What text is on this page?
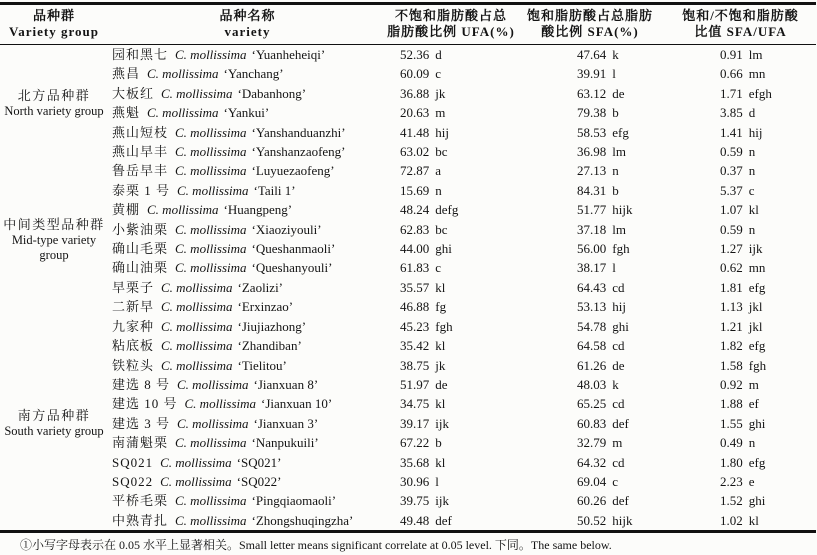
品种群
Variety group

品种名称
variety

不饱和脂肪酸占总
脂肪酸比例 UFA(%)

饱和脂肪酸占总脂肪
酸比例 SFA(%)

饱和/不饱和脂肪酸
比值 SFA/UFA

北方品种群
North variety group	园和黑七 C. mollissima ‘Yuanheheiqi’	52.36 d	47.64 k	0.91 lm
	燕昌 C. mollissima ‘Yanchang’	60.09 c	39.91 l	0.66 mn
	大板红 C. mollissima ‘Dabanhong’	36.88 jk	63.12 de	1.71 efgh
	燕魁 C. mollissima ‘Yankui’	20.63 m	79.38 b	3.85 d
	燕山短枝 C. mollissima ‘Yanshanduanzhi’	41.48 hij	58.53 efg	1.41 hij
	燕山早丰 C. mollissima ‘Yanshanzaofeng’	63.02 bc	36.98 lm	0.59 n

中间类型品种群
Mid-type variety group	鲁岳早丰 C. mollissima ‘Luyuezaofeng’	72.87 a	27.13 n	0.37 n
	泰栗 1 号 C. mollissima ‘Taili 1’	15.69 n	84.31 b	5.37 c
	黄棚 C. mollissima ‘Huangpeng’	48.24 defg	51.77 hijk	1.07 kl
	小紫油栗 C. mollissima ‘Xiaoziyouli’	62.83 bc	37.18 lm	0.59 n
	确山毛栗 C. mollissima ‘Queshanmaoli’	44.00 ghi	56.00 fgh	1.27 ijk
	确山油栗 C. mollissima ‘Queshanyouli’	61.83 c	38.17 l	0.62 mn
	早栗子 C. mollissima ‘Zaolizi’	35.57 kl	64.43 cd	1.81 efg
	二新早 C. mollissima ‘Erxinzao’	46.88 fg	53.13 hij	1.13 jkl

南方品种群
South variety group	九家种 C. mollissima ‘Jiujiazhong’	45.23 fgh	54.78 ghi	1.21 jkl
	粘底板 C. mollissima ‘Zhandiban’	35.42 kl	64.58 cd	1.82 efg
	铁粒头 C. mollissima ‘Tielitou’	38.75 jk	61.26 de	1.58 fgh
	建选 8 号 C. mollissima ‘Jianxuan 8’	51.97 de	48.03 k	0.92 m
	建选 10 号 C. mollissima ‘Jianxuan 10’	34.75 kl	65.25 cd	1.88 ef
	建选 3 号 C. mollissima ‘Jianxuan 3’	39.17 ijk	60.83 def	1.55 ghi
	南蒲魁栗 C. mollissima ‘Nanpukuili’	67.22 b	32.79 m	0.49 n
	SQ021 C. mollissima ‘SQ021’	35.68 kl	64.32 cd	1.80 efg
	SQ022 C. mollissima ‘SQ022’	30.96 l	69.04 c	2.23 e
	平桥毛栗 C. mollissima ‘Pingqiaomaoli’	39.75 ijk	60.26 def	1.52 ghi
	中熟青扎 C. mollissima ‘Zhongshuqingzha’	49.48 def	50.52 hijk	1.02 kl
①小写字母表示在 0.05 水平上显著相关。Small letter means significant correlate at 0.05 level. 下同。The same below.
